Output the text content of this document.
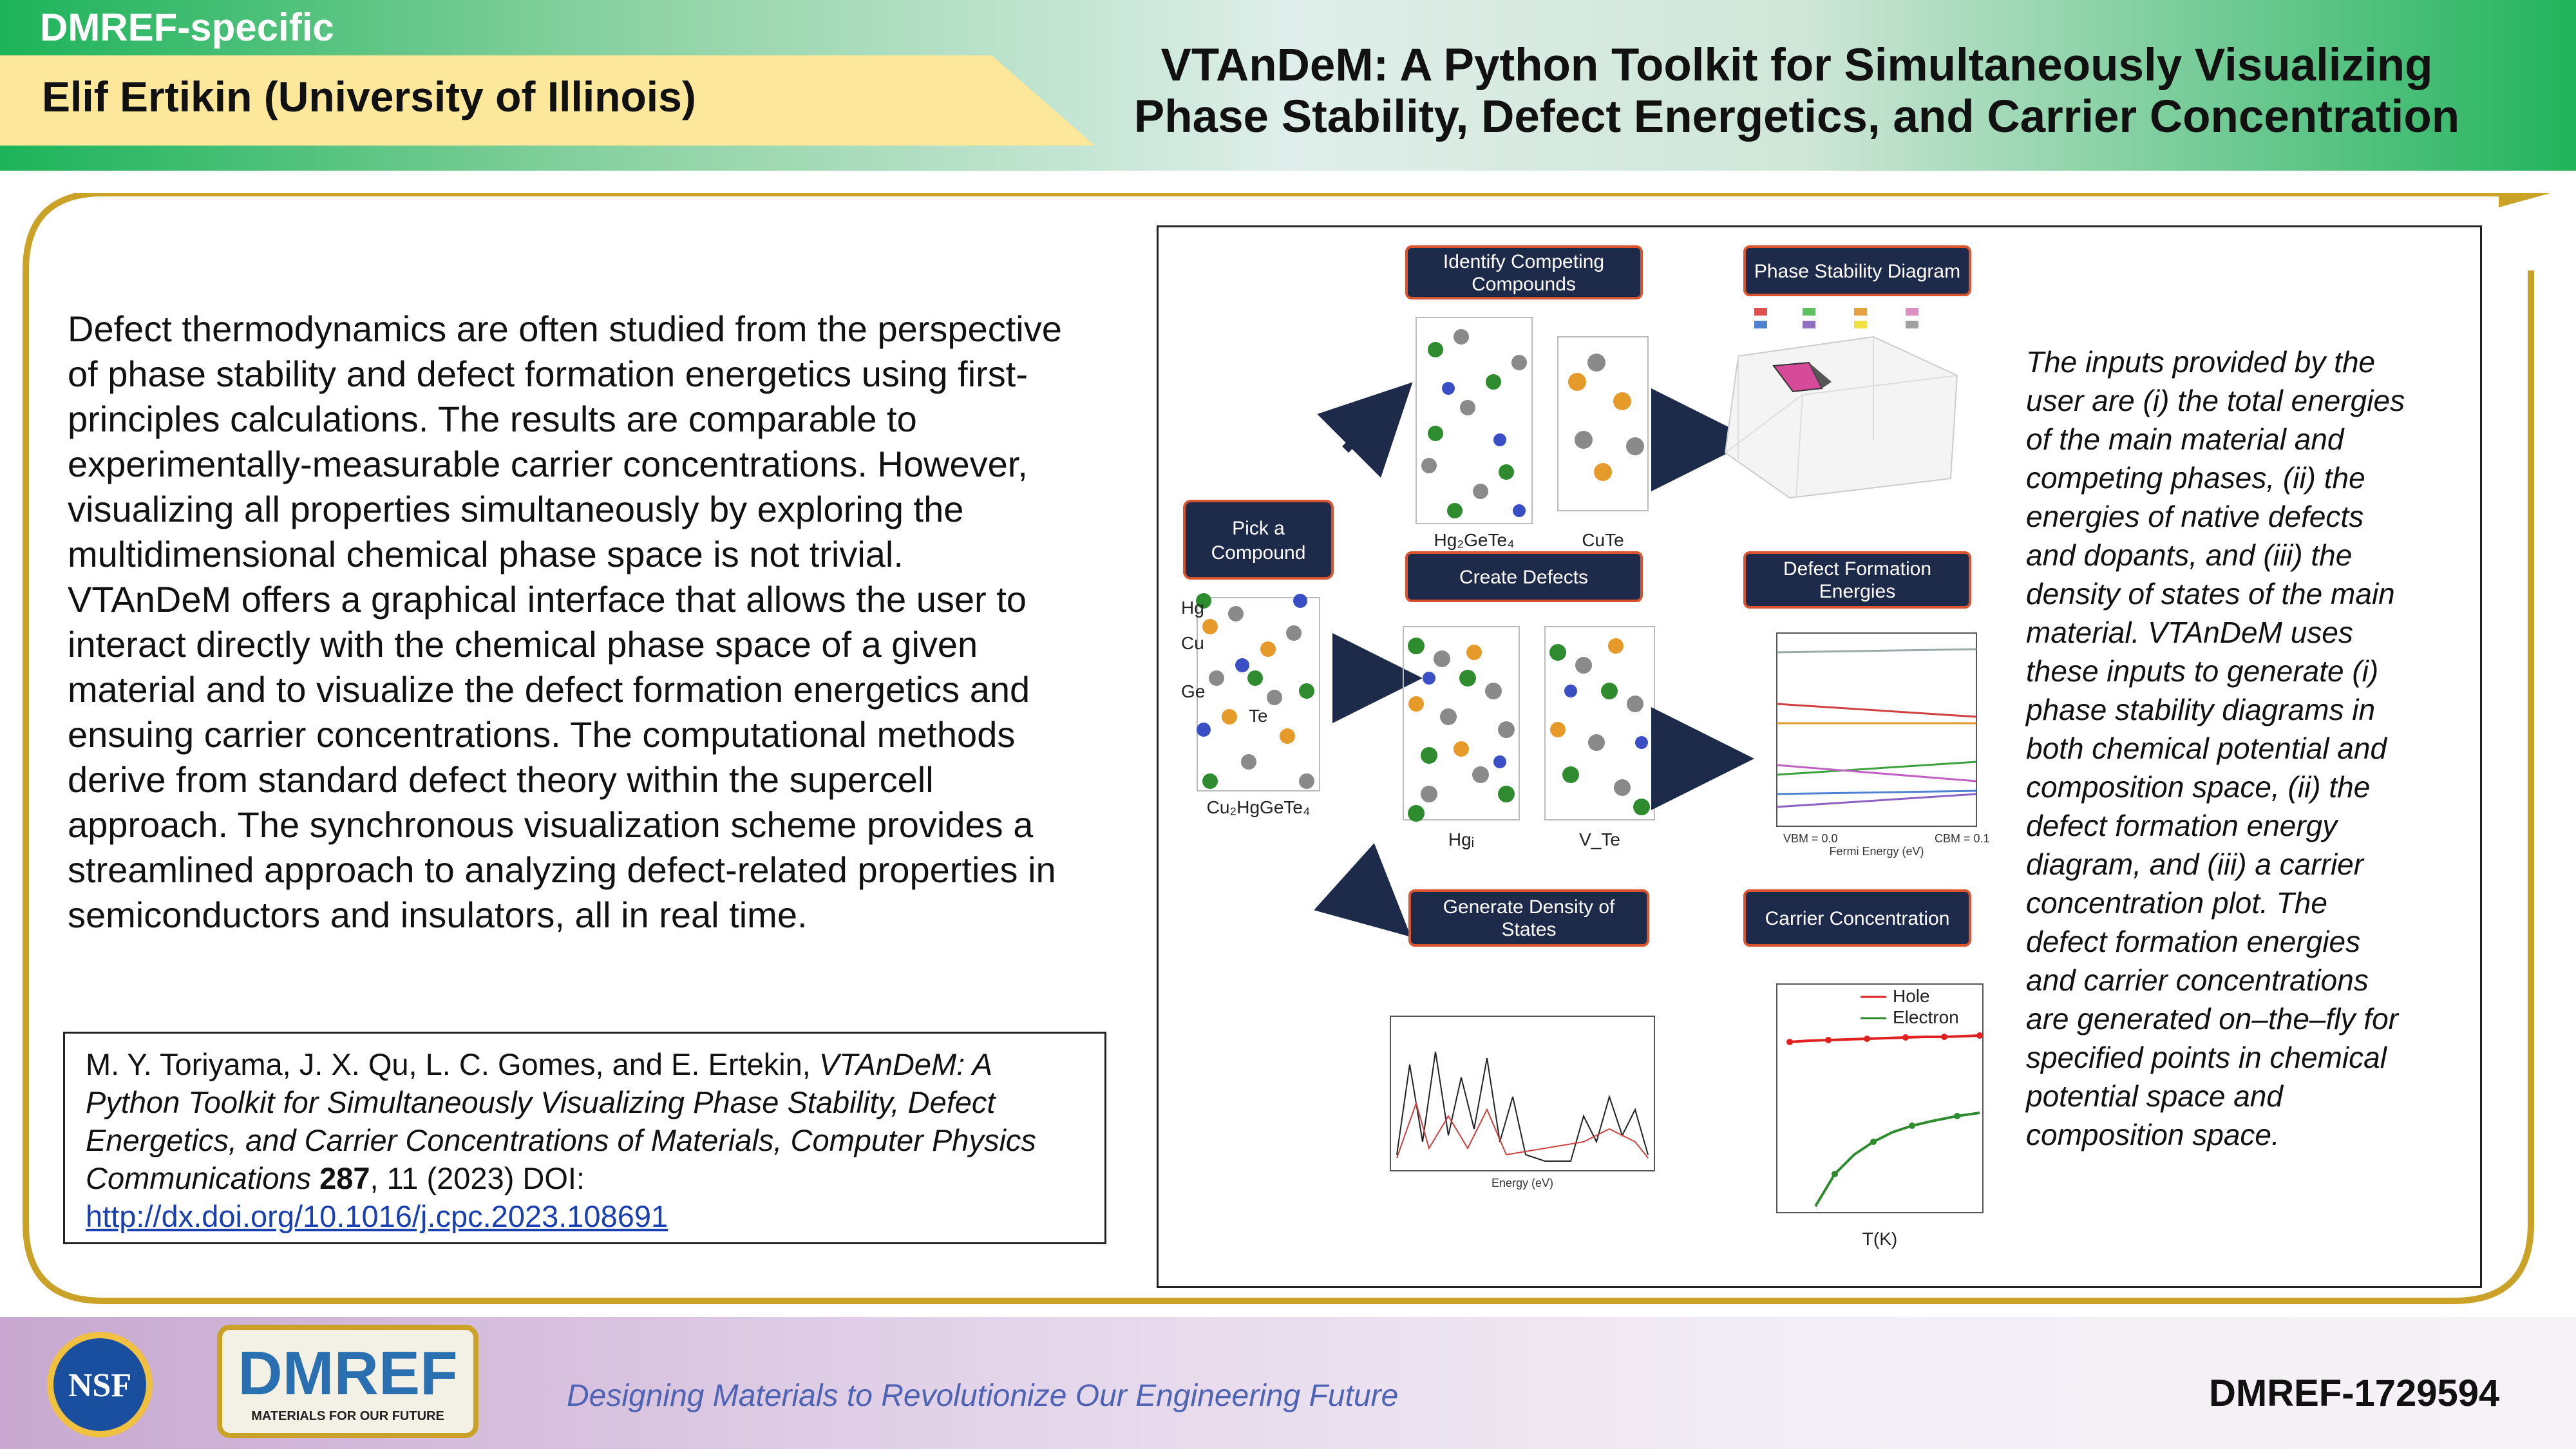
DMREF-specific
Elif Ertikin (University of Illinois)
VTAnDeM: A Python Toolkit for Simultaneously Visualizing
Phase Stability, Defect Energetics, and Carrier Concentration

Defect thermodynamics are often studied from the perspective of phase stability and defect formation energetics using first-principles calculations. The results are comparable to experimentally-measurable carrier concentrations. However, visualizing all properties simultaneously by exploring the multidimensional chemical phase space is not trivial.

VTAnDeM offers a graphical interface that allows the user to interact directly with the chemical phase space of a given material and to visualize the defect formation energetics and ensuing carrier concentrations. The computational methods derive from standard defect theory within the supercell approach. The synchronous visualization scheme provides a streamlined approach to analyzing defect-related properties in semiconductors and insulators, all in real time.

M. Y. Toriyama, J. X. Qu, L. C. Gomes, and E. Ertekin, VTAnDeM: A Python Toolkit for Simultaneously Visualizing Phase Stability, Defect Energetics, and Carrier Concentrations of Materials, Computer Physics Communications 287, 11 (2023) DOI:
http://dx.doi.org/10.1016/j.cpc.2023.108691
Pick a
Compound
Hg
Cu
Ge
Te
Cu₂HgGeTe₄
Identify Competing
Compounds
Hg₂GeTe₄	CuTe
Phase Stability Diagram
Create Defects
Hgᵢ	V_Te
Defect Formation
Energies
VBM = 0.0	CBM = 0.1
Fermi Energy (eV)
Generate Density of
States
Energy (eV)
Carrier Concentration
Hole
Electron
T(K)
The inputs provided by the
user are (i) the total energies
of the main material and
competing phases, (ii) the
energies of native defects
and dopants, and (iii) the
density of states of the main
material. VTAnDeM uses
these inputs to generate (i)
phase stability diagrams in
both chemical potential and
composition space, (ii) the
defect formation energy
diagram, and (iii) a carrier
concentration plot. The
defect formation energies
and carrier concentrations
are generated on–the–fly for
specified points in chemical
potential space and
composition space.
NSF DMREF
MATERIALS FOR OUR FUTURE
Designing Materials to Revolutionize Our Engineering Future	DMREF-1729594
